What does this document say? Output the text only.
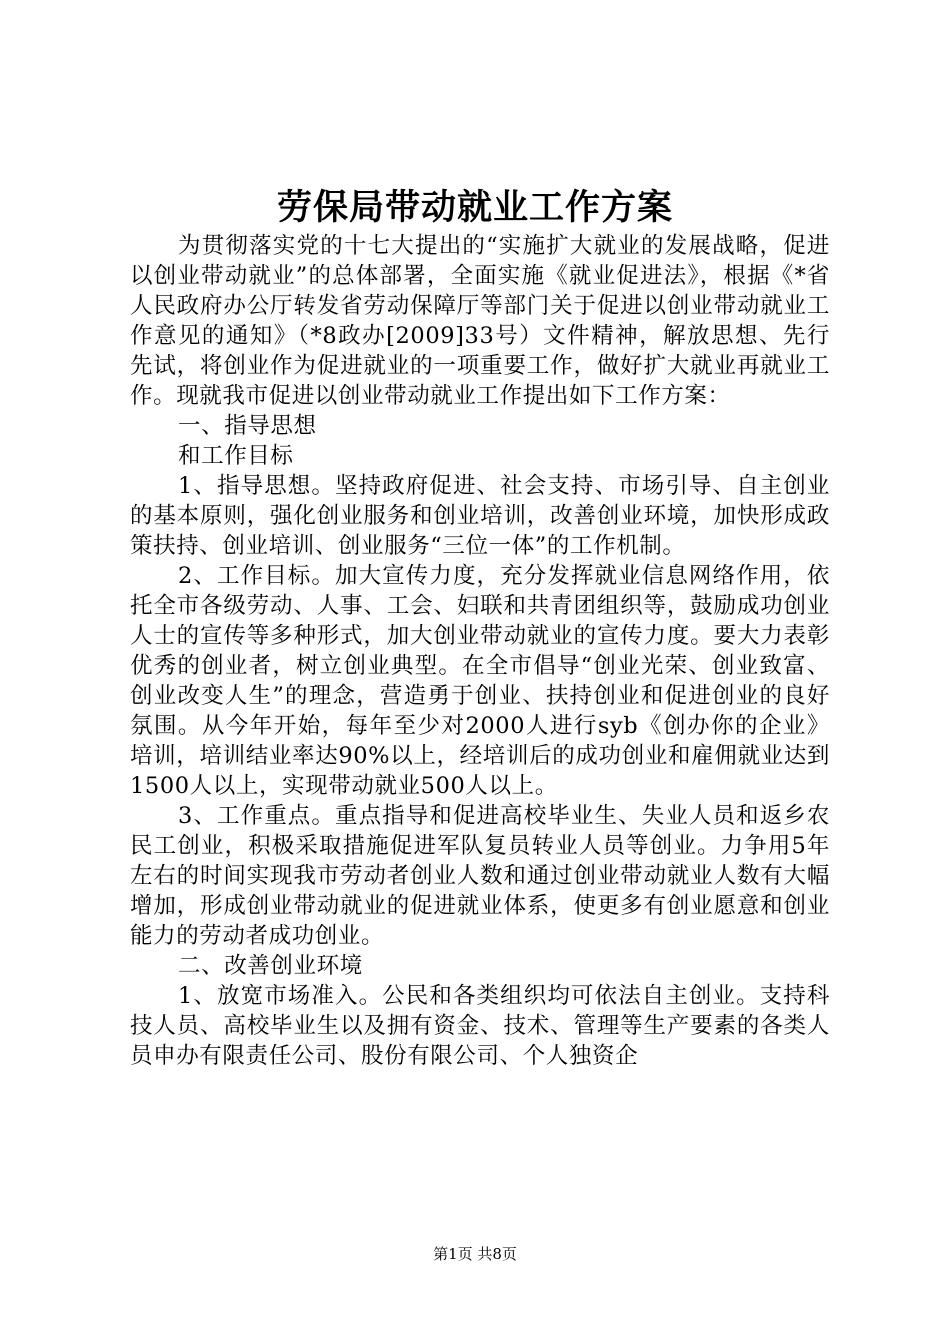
劳保局带动就业工作方案

为贯彻落实党的十七大提出的“实施扩大就业的发展战略，促进以创业带动就业”的总体部署，全面实施《就业促进法》，根据《*省人民政府办公厅转发省劳动保障厅等部门关于促进以创业带动就业工作意见的通知》（*8政办[2009]33号）文件精神，解放思想、先行先试，将创业作为促进就业的一项重要工作，做好扩大就业再就业工作。现就我市促进以创业带动就业工作提出如下工作方案：

一、指导思想

和工作目标

1、指导思想。坚持政府促进、社会支持、市场引导、自主创业的基本原则，强化创业服务和创业培训，改善创业环境，加快形成政策扶持、创业培训、创业服务“三位一体”的工作机制。

2、工作目标。加大宣传力度，充分发挥就业信息网络作用，依托全市各级劳动、人事、工会、妇联和共青团组织等，鼓励成功创业人士的宣传等多种形式，加大创业带动就业的宣传力度。要大力表彰优秀的创业者，树立创业典型。在全市倡导“创业光荣、创业致富、创业改变人生”的理念，营造勇于创业、扶持创业和促进创业的良好氛围。从今年开始，每年至少对2000人进行syb《创办你的企业》培训，培训结业率达90%以上，经培训后的成功创业和雇佣就业达到1500人以上，实现带动就业500人以上。

3、工作重点。重点指导和促进高校毕业生、失业人员和返乡农民工创业，积极采取措施促进军队复员转业人员等创业。力争用5年左右的时间实现我市劳动者创业人数和通过创业带动就业人数有大幅增加，形成创业带动就业的促进就业体系，使更多有创业愿意和创业能力的劳动者成功创业。

二、改善创业环境

1、放宽市场准入。公民和各类组织均可依法自主创业。支持科技人员、高校毕业生以及拥有资金、技术、管理等生产要素的各类人员申办有限责任公司、股份有限公司、个人独资企

第1页 共8页
